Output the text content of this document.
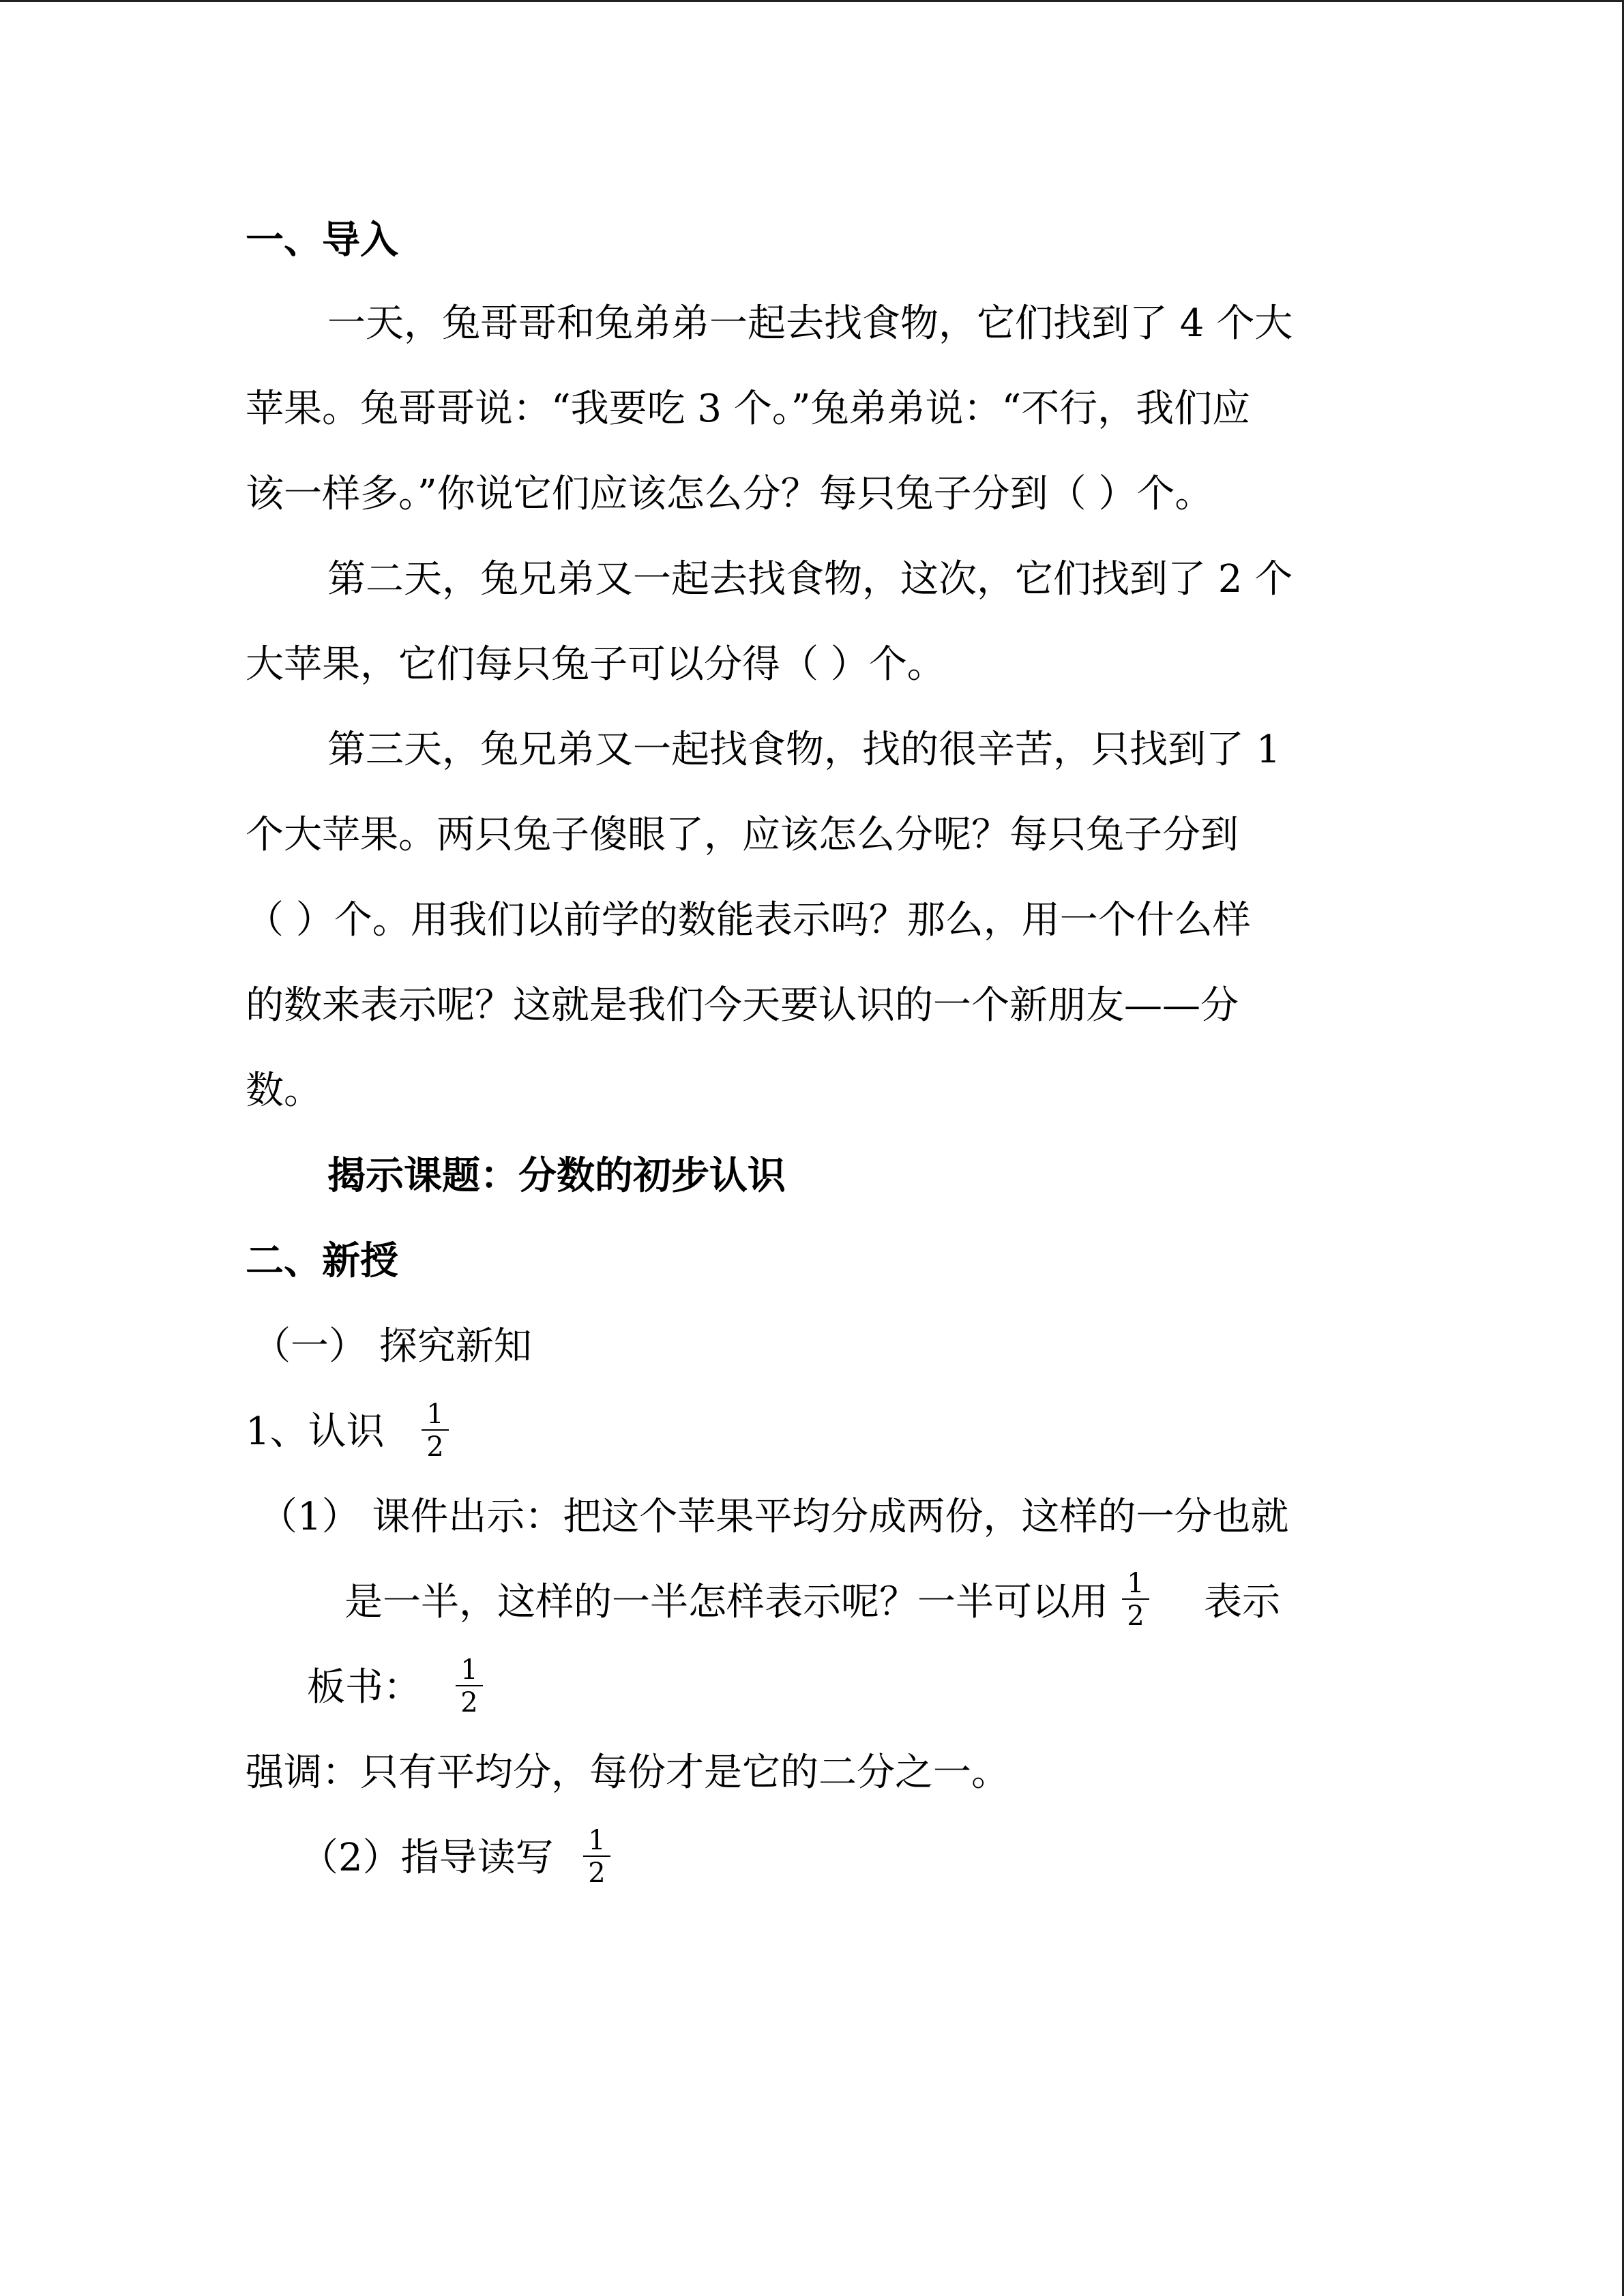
一、导入
一天，兔哥哥和兔弟弟一起去找食物，它们找到了 4 个大
苹果。兔哥哥说：“我要吃 3 个。”兔弟弟说：“不行，我们应
该一样多。”你说它们应该怎么分？每只兔子分到（ ）个。
第二天，兔兄弟又一起去找食物，这次，它们找到了 2 个
大苹果，它们每只兔子可以分得（ ）个。
第三天，兔兄弟又一起找食物，找的很辛苦，只找到了 1
个大苹果。两只兔子傻眼了，应该怎么分呢？每只兔子分到
（ ）个。用我们以前学的数能表示吗？那么，用一个什么样
的数来表示呢？这就是我们今天要认识的一个新朋友——分
数。
揭示课题：分数的初步认识
二、新授
（一） 探究新知
1、认识 $\frac{1}{2}$
（1） 课件出示：把这个苹果平均分成两份，这样的一分也就
是一半，这样的一半怎样表示呢？一半可以用 $\frac{1}{2}$ 表示
板书： $\frac{1}{2}$
强调：只有平均分，每份才是它的二分之一。
（2）指导读写 $\frac{1}{2}$
